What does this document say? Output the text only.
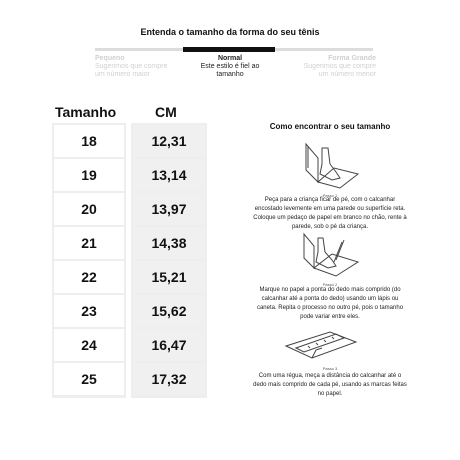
Entenda o tamanho da forma do seu tênis
Pequeno
Sugerimos que compre
um número maior
Normal
Este estilo é fiel ao
tamanho
Forma Grande
Sugerimos que compre
um número menor
Tamanho	CM
18	12,31
19	13,14
20	13,97
21	14,38
22	15,21
23	15,62
24	16,47
25	17,32
Como encontrar o seu tamanho
Passo 1
Peça para a criança ficar de pé, com o calcanhar
encostado levemente em uma parede ou superfície reta.
Coloque um pedaço de papel em branco no chão, rente à
parede, sob o pé da criança.
Passo 2
Marque no papel a ponta do dedo mais comprido (do
calcanhar até a ponta do dedo) usando um lápis ou
caneta. Repita o processo no outro pé, pois o tamanho
pode variar entre eles.
Passo 3
Com uma régua, meça a distância do calcanhar até o
dedo mais comprido de cada pé, usando as marcas feitas
no papel.
